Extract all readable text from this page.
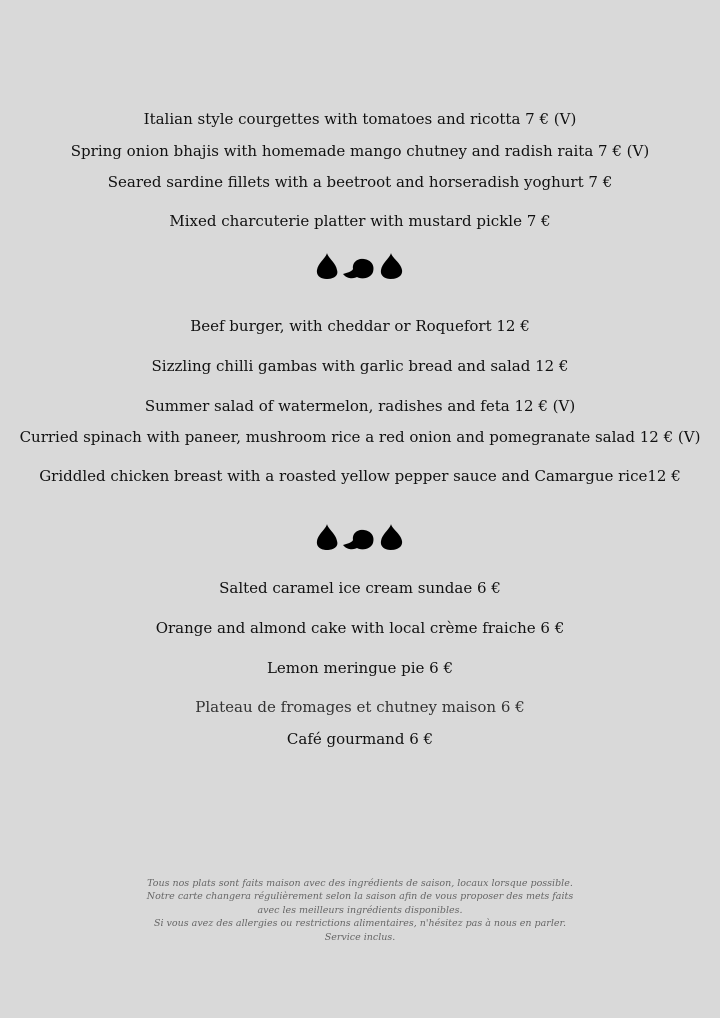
Italian style courgettes with tomatoes and ricotta 7 € (V)
Spring onion bhajis with homemade mango chutney and radish raita 7 € (V)
Seared sardine fillets with a beetroot and horseradish yoghurt 7 €
Mixed charcuterie platter with mustard pickle 7 €
Beef burger, with cheddar or Roquefort 12 €
Sizzling chilli gambas with garlic bread and salad 12 €
Summer salad of watermelon, radishes and feta 12 € (V)
Curried spinach with paneer, mushroom rice a red onion and pomegranate salad 12 € (V)
Griddled chicken breast with a roasted yellow pepper sauce and Camargue rice12 €
Salted caramel ice cream sundae 6 €
Orange and almond cake with local crème fraiche 6 €
Lemon meringue pie 6 €
Plateau de fromages et chutney maison 6 €
Café gourmand 6 €
Tous nos plats sont faits maison avec des ingrédients de saison, locaux lorsque possible.
Notre carte changera régulièrement selon la saison afin de vous proposer des mets faits
avec les meilleurs ingrédients disponibles.
Si vous avez des allergies ou restrictions alimentaires, n'hésitez pas à nous en parler.
Service inclus.
